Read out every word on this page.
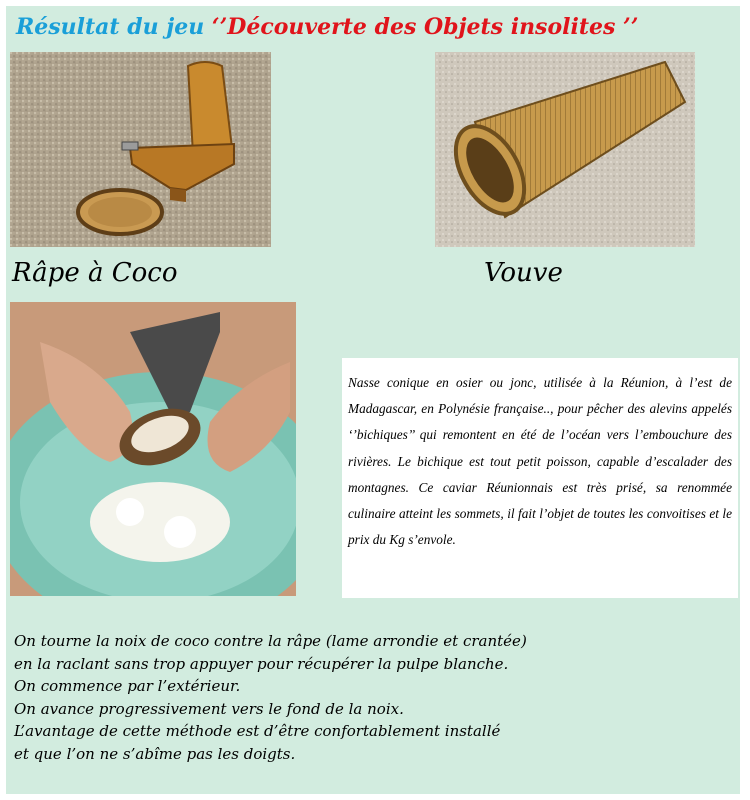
Résultat du jeu ‘’Découverte des Objets insolites ’’
Râpe à Coco	Vouve

Nasse conique en osier ou jonc, utilisée à la Réunion, à l’est de Madagascar, en Polynésie française.., pour pêcher des alevins appelés ‘’bichiques’’ qui remontent en été de l’océan vers l’embouchure des rivières. Le bichique est tout petit poisson, capable d’escalader des montagnes. Ce caviar Réunionnais est très prisé, sa renommée culinaire atteint les sommets, il fait l’objet de toutes les convoitises et le prix du Kg s’envole.

On tourne la noix de coco contre la râpe (lame arrondie et crantée)
en la raclant sans trop appuyer pour récupérer la pulpe blanche.
On commence par l’extérieur.
On avance progressivement vers le fond de la noix.
L’avantage de cette méthode est d’être confortablement installé
et que l’on ne s’abîme pas les doigts.
